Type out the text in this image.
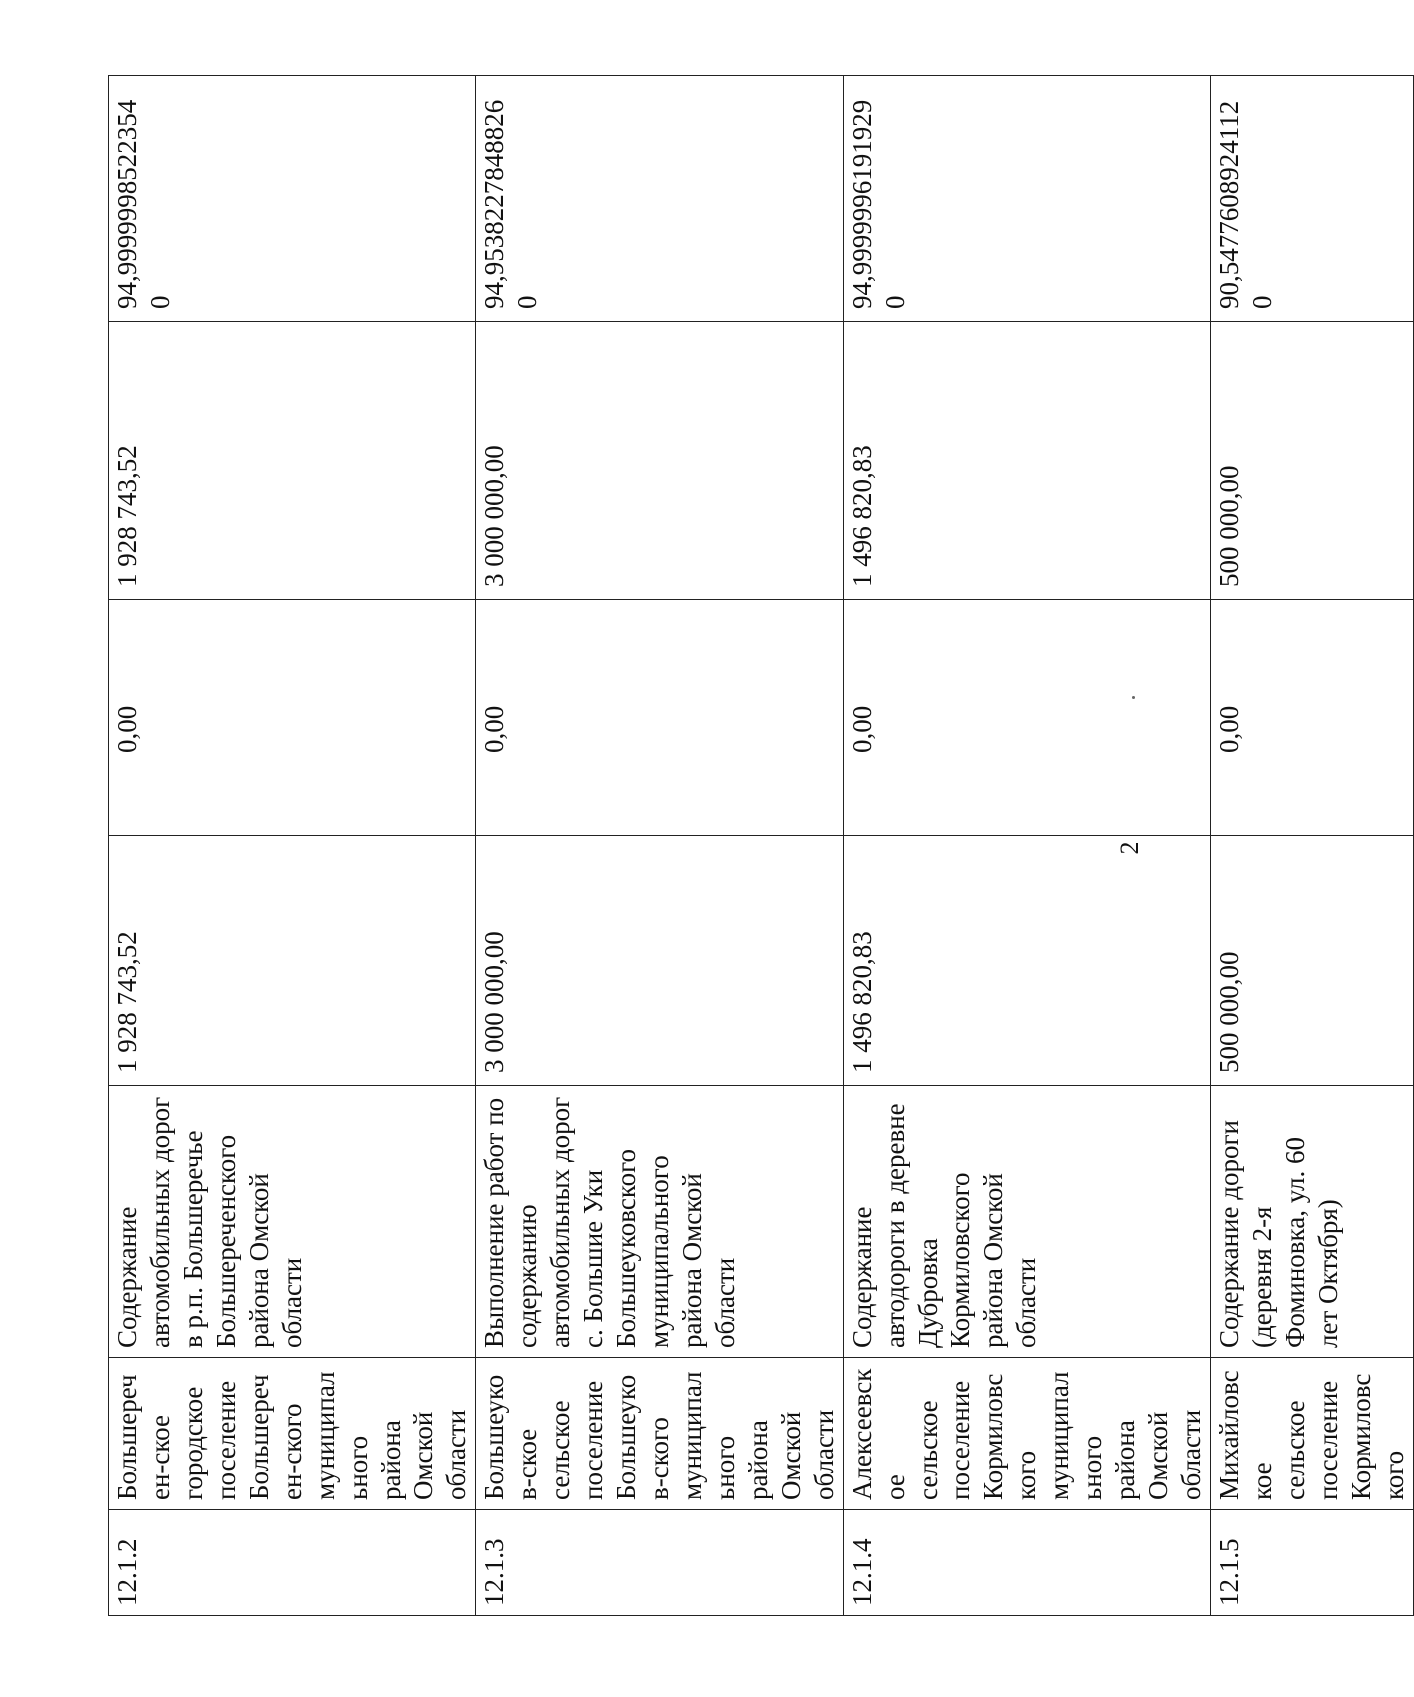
2
12.1.2	Большеречен-ское городское поселение Большеречен-ского муниципального района Омской области	Содержание автомобильных дорог в р.п. Большеречье Большереченского района Омской области	1 928 743,52	0,00	1 928 743,52	94,9999998522354 0
12.1.3	Большеуков-ское сельское поселение Большеуков-ского муниципального района Омской области	Выполнение работ по содержанию автомобильных дорог с. Большие Уки Большеуковского муниципального района Омской области	3 000 000,00	0,00	3 000 000,00	94,9538227848826 0
12.1.4	Алексеевское сельское поселение Кормиловского муниципального района Омской области	Содержание автодороги в деревне Дубровка Кормиловского района Омской области	1 496 820,83	0,00	1 496 820,83	94,9999996191929 0
12.1.5	Михайловское сельское поселение Кормиловского	Содержание дороги (деревня 2-я Фоминовка, ул. 60 лет Октября)	500 000,00	0,00	500 000,00	90,5477608924112 0
